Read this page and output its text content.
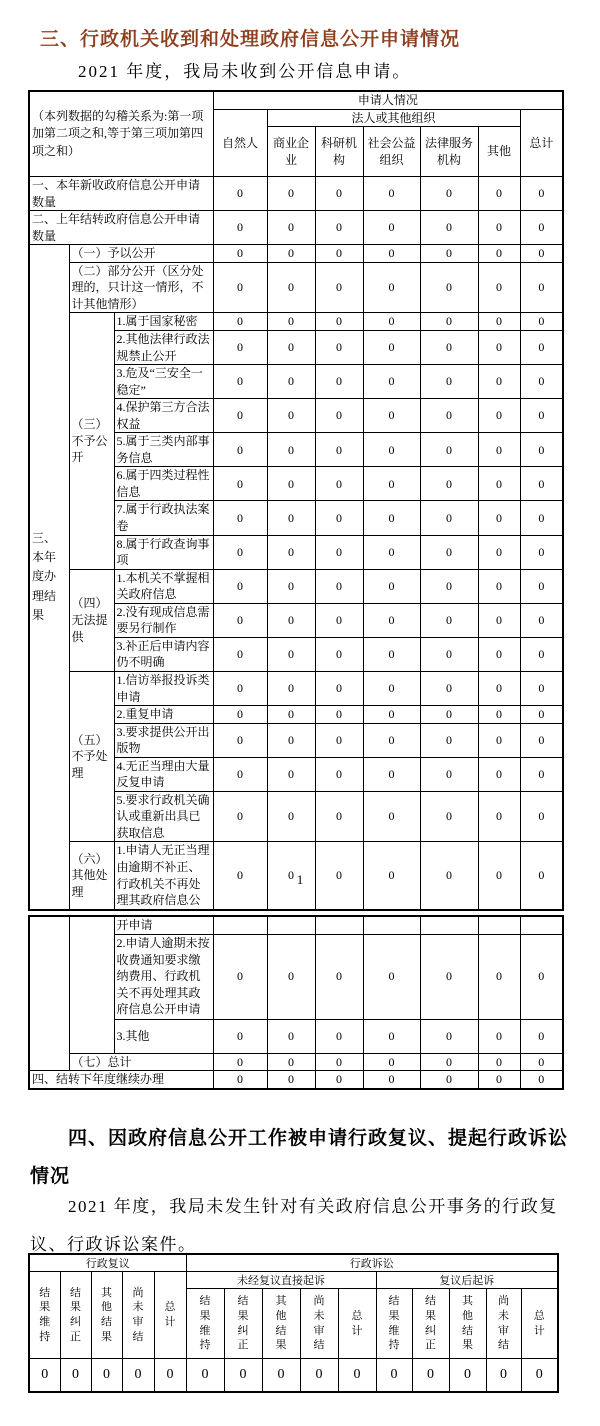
三、行政机关收到和处理政府信息公开申请情况
2021 年度，我局未收到公开信息申请。
（本列数据的勾稽关系为:第一项加第二项之和,等于第三项加第四项之和）			申请人情况						
			自然人	法人或其他组织					总计
				商业企业	科研机构	社会公益组织	法律服务机构	其他	
一、本年新收政府信息公开申请数量			0	0	0	0	0	0	0
二、上年结转政府信息公开申请数量			0	0	0	0	0	0	0
三、本年度办理结果	（一）予以公开		0	0	0	0	0	0	0
	（二）部分公开（区分处理的，只计这一情形，不计其他情形）		0	0	0	0	0	0	0
	（三）不予公开	1.属于国家秘密	0	0	0	0	0	0	0
		2.其他法律行政法规禁止公开	0	0	0	0	0	0	0
		3.危及“三安全一稳定”	0	0	0	0	0	0	0
		4.保护第三方合法权益	0	0	0	0	0	0	0
		5.属于三类内部事务信息	0	0	0	0	0	0	0
		6.属于四类过程性信息	0	0	0	0	0	0	0
		7.属于行政执法案卷	0	0	0	0	0	0	0
		8.属于行政查询事项	0	0	0	0	0	0	0
	（四）无法提供	1.本机关不掌握相关政府信息	0	0	0	0	0	0	0
		2.没有现成信息需要另行制作	0	0	0	0	0	0	0
		3.补正后申请内容仍不明确	0	0	0	0	0	0	0
	（五）不予处理	1.信访举报投诉类申请	0	0	0	0	0	0	0
		2.重复申请	0	0	0	0	0	0	0
		3.要求提供公开出版物	0	0	0	0	0	0	0
		4.无正当理由大量反复申请	0	0	0	0	0	0	0
		5.要求行政机关确认或重新出具已获取信息	0	0	0	0	0	0	0
	（六）其他处理	1.申请人无正当理由逾期不补正、行政机关不再处理其政府信息公	0	0	0	0	0	0	0
1
		开申请							
		2.申请人逾期未按收费通知要求缴纳费用、行政机关不再处理其政府信息公开申请	0	0	0	0	0	0	0
		3.其他	0	0	0	0	0	0	0
	（七）总计		0	0	0	0	0	0	0
四、结转下年度继续办理			0	0	0	0	0	0	0
四、因政府信息公开工作被申请行政复议、提起行政诉讼情况
2021 年度，我局未发生针对有关政府信息公开事务的行政复议、行政诉讼案件。
行政复议					行政诉讼									

结果维持	结果纠正	其他结果	尚未审结	总计	未经复议直接起诉					复议后起诉				

					结果维持	结果纠正	其他结果	尚未审结	总计	结果维持	结果纠正	其他结果	尚未审结	总计

0	0	0	0	0	0	0	0	0	0	0	0	0	0	0
